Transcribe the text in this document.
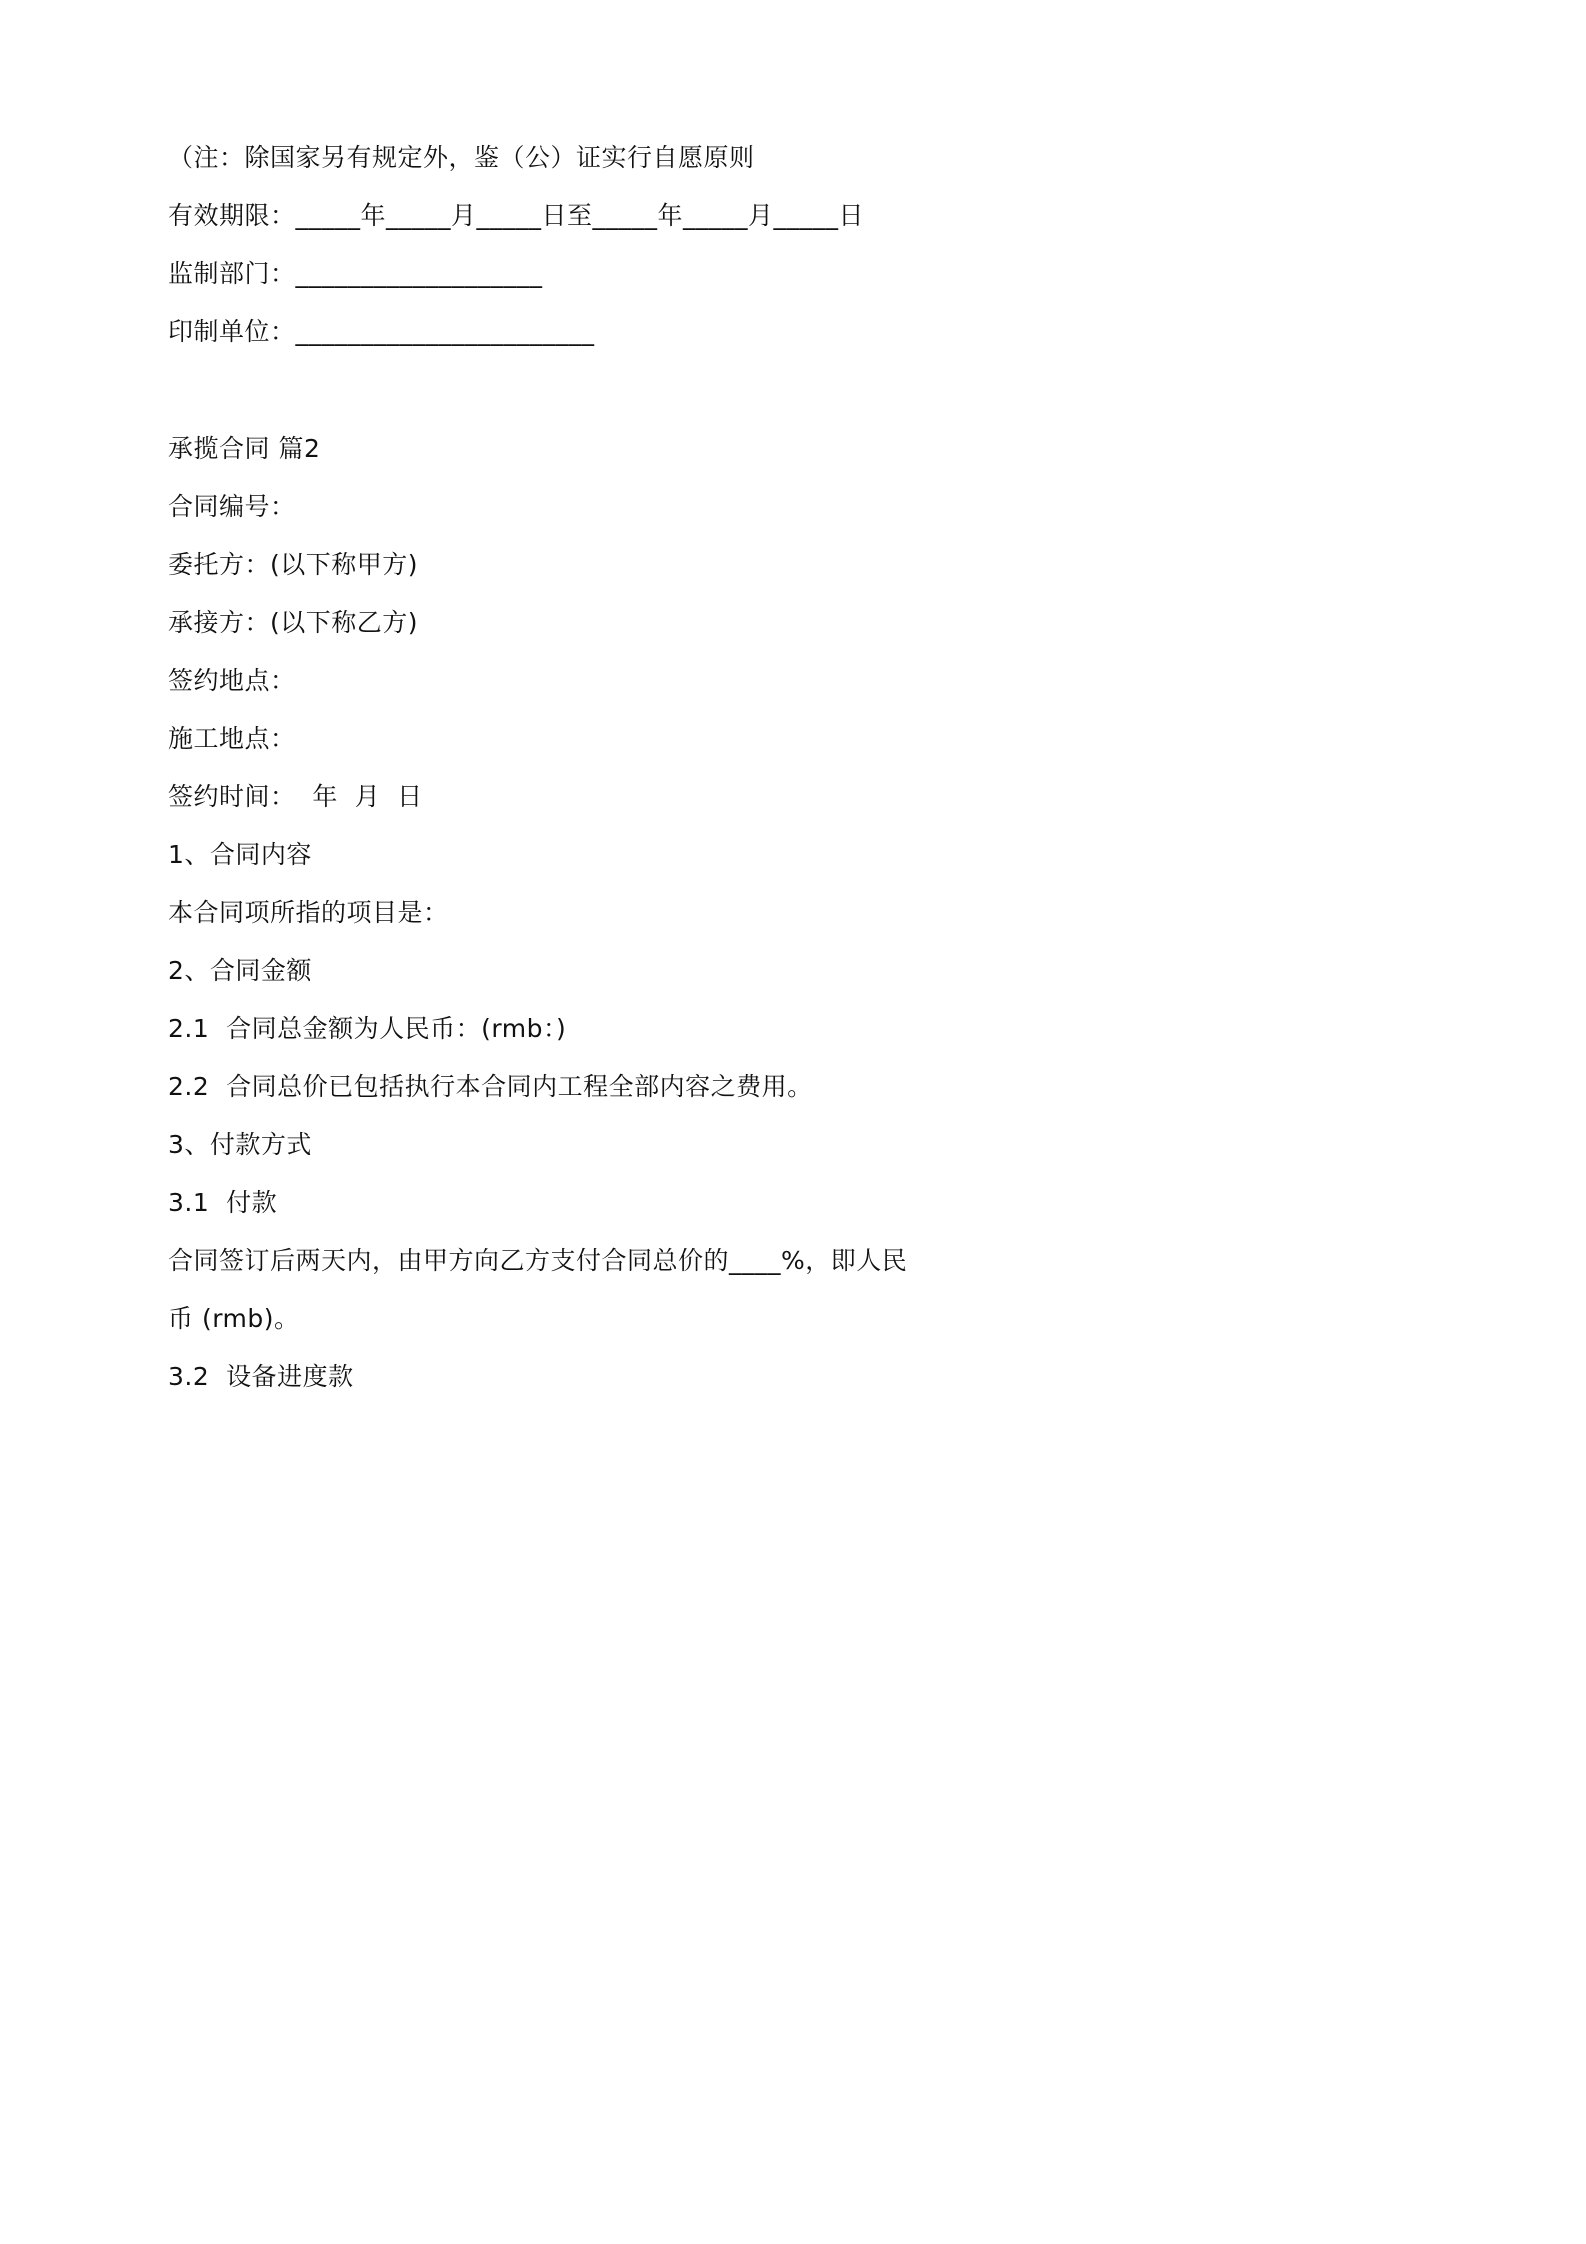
（注：除国家另有规定外，鉴（公）证实行自愿原则
有效期限：_____年_____月_____日至_____年_____月_____日
监制部门：___________________
印制单位：_______________________
承揽合同 篇2
合同编号：
委托方：(以下称甲方)
承接方：(以下称乙方)
签约地点：
施工地点：
签约时间：  年  月  日
1、合同内容
本合同项所指的项目是：
2、合同金额
2.1  合同总金额为人民币：(rmb：)
2.2  合同总价已包括执行本合同内工程全部内容之费用。
3、付款方式
3.1  付款
合同签订后两天内，由甲方向乙方支付合同总价的____%，即人民
币 (rmb)。
3.2  设备进度款
